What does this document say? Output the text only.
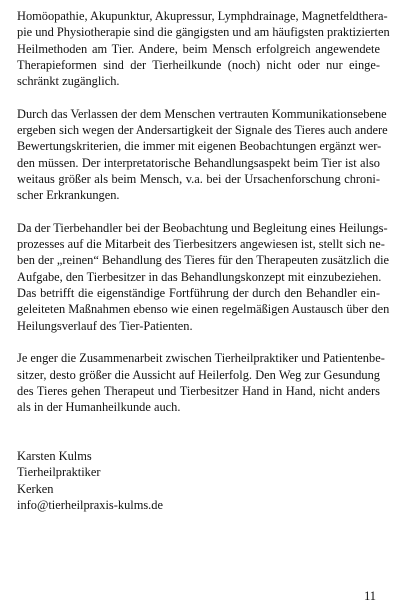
Homöopathie, Akupunktur, Akupressur, Lymphdrainage, Magnetfeldthera-
pie und Physiotherapie sind die gängigsten und am häufigsten praktizierten
Heilmethoden am Tier. Andere, beim Mensch erfolgreich angewendete
Therapieformen sind der Tierheilkunde (noch) nicht oder nur einge-
schränkt zugänglich.

Durch das Verlassen der dem Menschen vertrauten Kommunikationsebene
ergeben sich wegen der Andersartigkeit der Signale des Tieres auch andere
Bewertungskriterien, die immer mit eigenen Beobachtungen ergänzt wer-
den müssen. Der interpretatorische Behandlungsaspekt beim Tier ist also
weitaus größer als beim Mensch, v.a. bei der Ursachenforschung chroni-
scher Erkrankungen.

Da der Tierbehandler bei der Beobachtung und Begleitung eines Heilungs-
prozesses auf die Mitarbeit des Tierbesitzers angewiesen ist, stellt sich ne-
ben der „reinen“ Behandlung des Tieres für den Therapeuten zusätzlich die
Aufgabe, den Tierbesitzer in das Behandlungskonzept mit einzubeziehen.
Das betrifft die eigenständige Fortführung der durch den Behandler ein-
geleiteten Maßnahmen ebenso wie einen regelmäßigen Austausch über den
Heilungsverlauf des Tier-Patienten.

Je enger die Zusammenarbeit zwischen Tierheilpraktiker und Patientenbe-
sitzer, desto größer die Aussicht auf Heilerfolg. Den Weg zur Gesundung
des Tieres gehen Therapeut und Tierbesitzer Hand in Hand, nicht anders
als in der Humanheilkunde auch.

Karsten Kulms
Tierheilpraktiker
Kerken
info@tierheilpraxis-kulms.de

11
